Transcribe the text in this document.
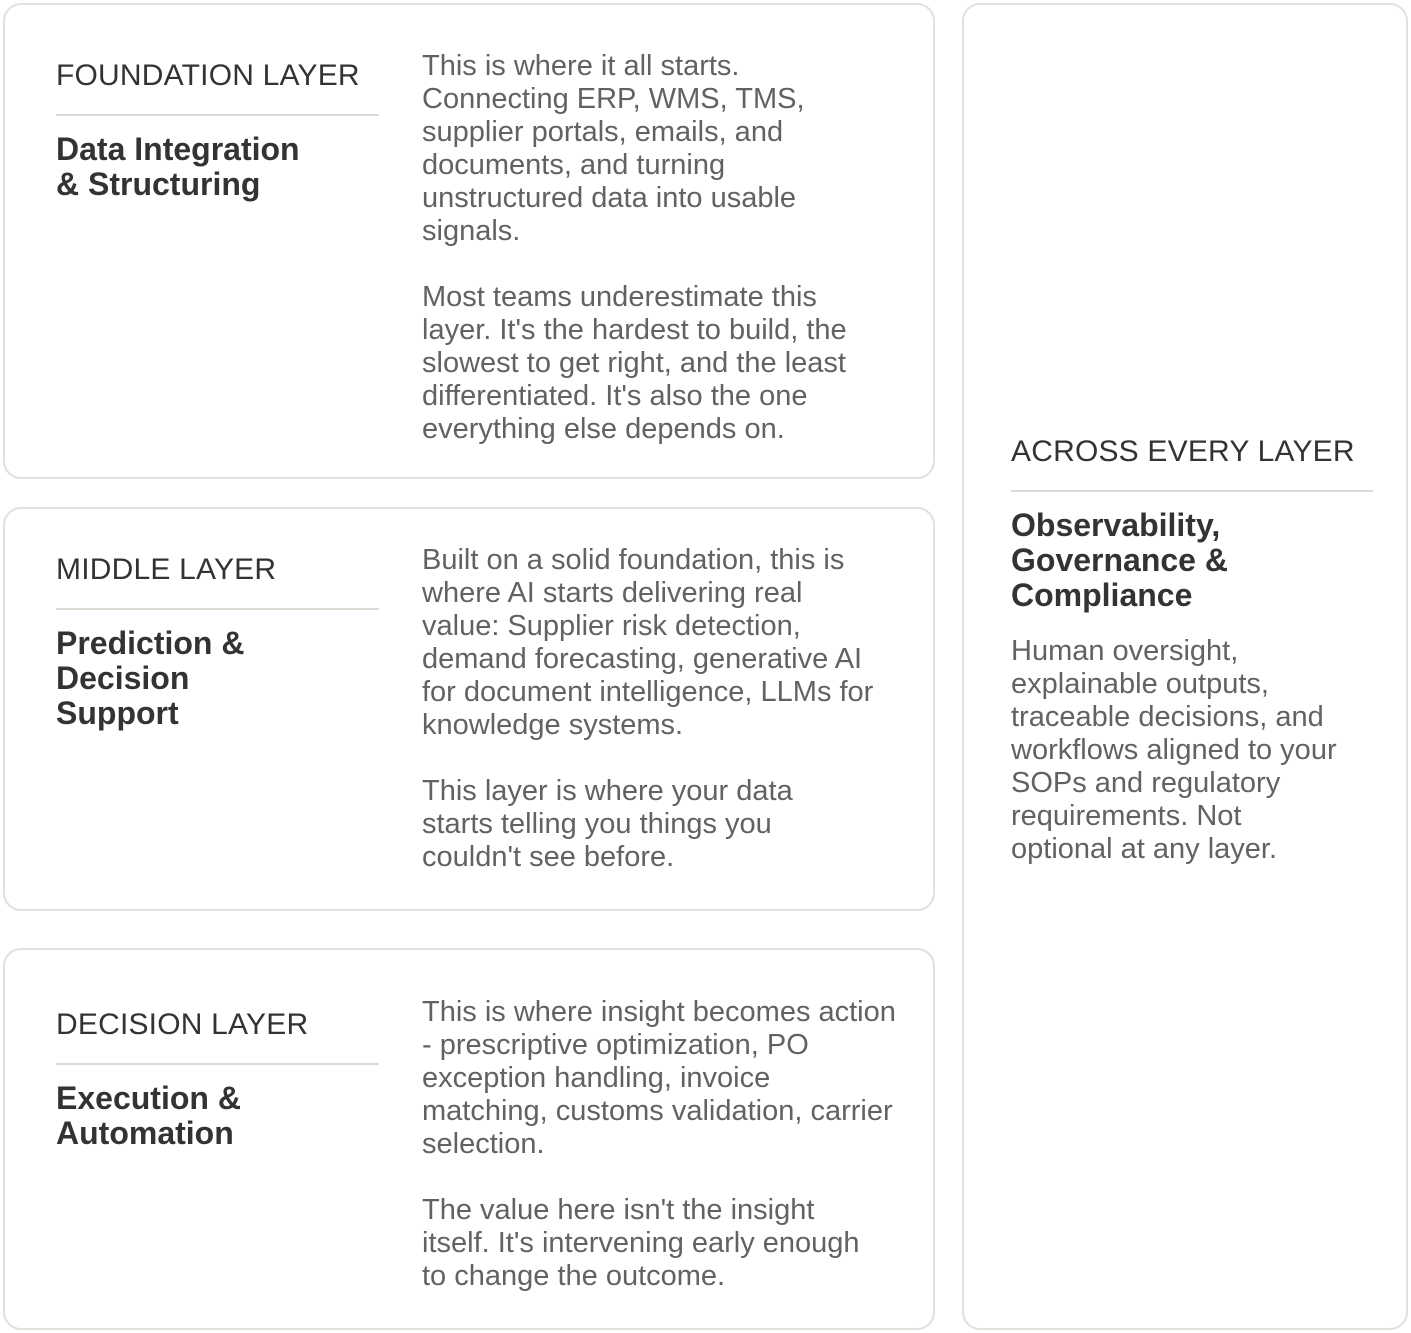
FOUNDATION LAYER
Data Integration & Structuring

This is where it all starts. Connecting ERP, WMS, TMS, supplier portals, emails, and documents, and turning unstructured data into usable signals.

Most teams underestimate this layer. It's the hardest to build, the slowest to get right, and the least differentiated. It's also the one everything else depends on.

MIDDLE LAYER
Prediction & Decision Support

Built on a solid foundation, this is where AI starts delivering real value: Supplier risk detection, demand forecasting, generative AI for document intelligence, LLMs for knowledge systems.

This layer is where your data starts telling you things you couldn't see before.

DECISION LAYER
Execution & Automation

This is where insight becomes action - prescriptive optimization, PO exception handling, invoice matching, customs validation, carrier selection.

The value here isn't the insight itself. It's intervening early enough to change the outcome.

ACROSS EVERY LAYER
Observability, Governance & Compliance

Human oversight, explainable outputs, traceable decisions, and workflows aligned to your SOPs and regulatory requirements. Not optional at any layer.
